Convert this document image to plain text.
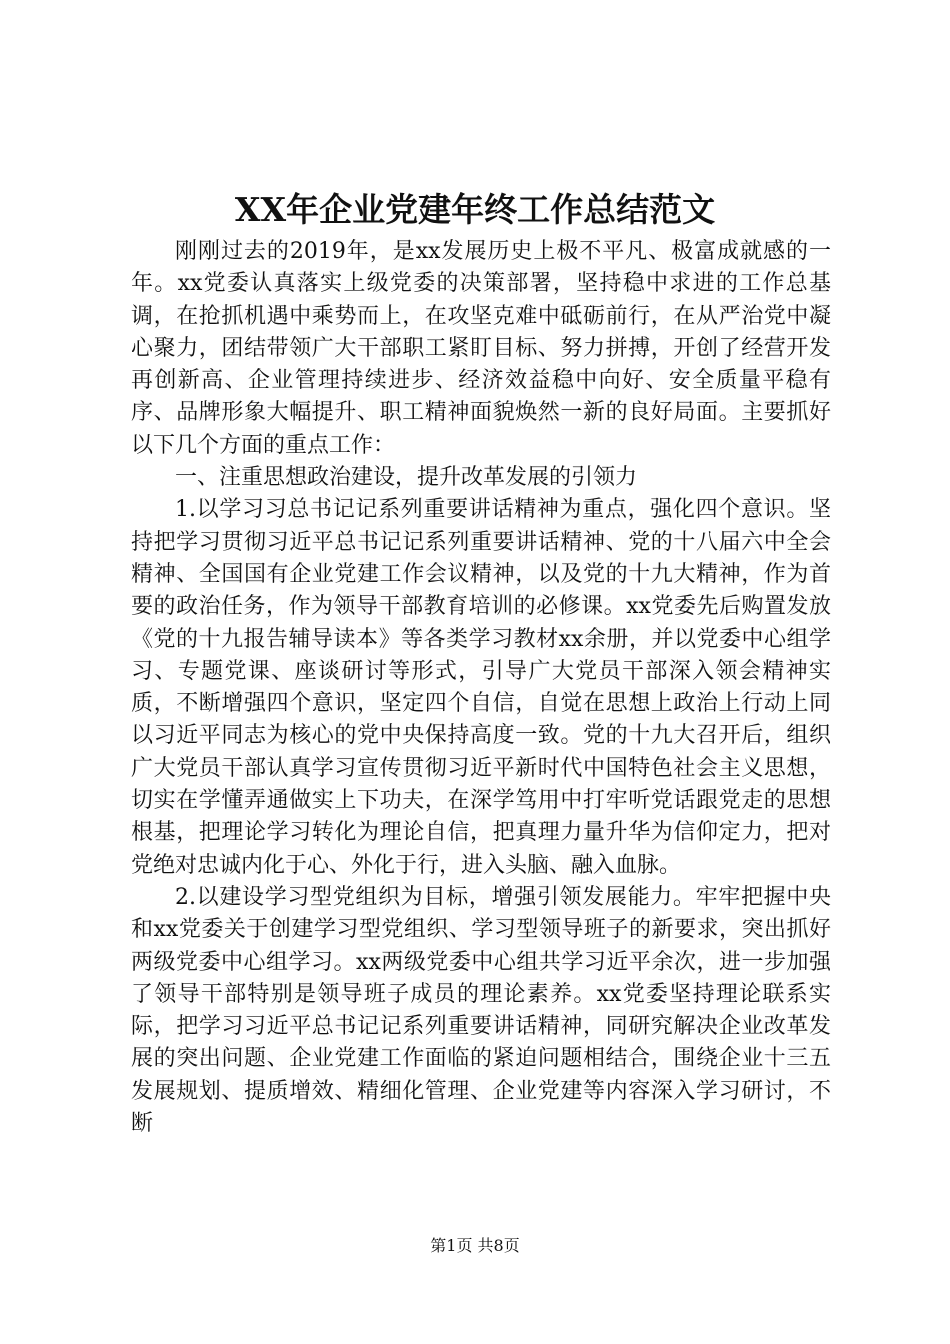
XX年企业党建年终工作总结范文

刚刚过去的2019年，是xx发展历史上极不平凡、极富成就感的一年。xx党委认真落实上级党委的决策部署，坚持稳中求进的工作总基调，在抢抓机遇中乘势而上，在攻坚克难中砥砺前行，在从严治党中凝心聚力，团结带领广大干部职工紧盯目标、努力拼搏，开创了经营开发再创新高、企业管理持续进步、经济效益稳中向好、安全质量平稳有序、品牌形象大幅提升、职工精神面貌焕然一新的良好局面。主要抓好以下几个方面的重点工作：

一、注重思想政治建设，提升改革发展的引领力

1.以学习习总书记记系列重要讲话精神为重点，强化四个意识。坚持把学习贯彻习近平总书记记系列重要讲话精神、党的十八届六中全会精神、全国国有企业党建工作会议精神，以及党的十九大精神，作为首要的政治任务，作为领导干部教育培训的必修课。xx党委先后购置发放《党的十九报告辅导读本》等各类学习教材xx余册，并以党委中心组学习、专题党课、座谈研讨等形式，引导广大党员干部深入领会精神实质，不断增强四个意识，坚定四个自信，自觉在思想上政治上行动上同以习近平同志为核心的党中央保持高度一致。党的十九大召开后，组织广大党员干部认真学习宣传贯彻习近平新时代中国特色社会主义思想，切实在学懂弄通做实上下功夫，在深学笃用中打牢听党话跟党走的思想根基，把理论学习转化为理论自信，把真理力量升华为信仰定力，把对党绝对忠诚内化于心、外化于行，进入头脑、融入血脉。

2.以建设学习型党组织为目标，增强引领发展能力。牢牢把握中央和xx党委关于创建学习型党组织、学习型领导班子的新要求，突出抓好两级党委中心组学习。xx两级党委中心组共学习近平余次，进一步加强了领导干部特别是领导班子成员的理论素养。xx党委坚持理论联系实际，把学习习近平总书记记系列重要讲话精神，同研究解决企业改革发展的突出问题、企业党建工作面临的紧迫问题相结合，围绕企业十三五发展规划、提质增效、精细化管理、企业党建等内容深入学习研讨，不断

第1页 共8页
